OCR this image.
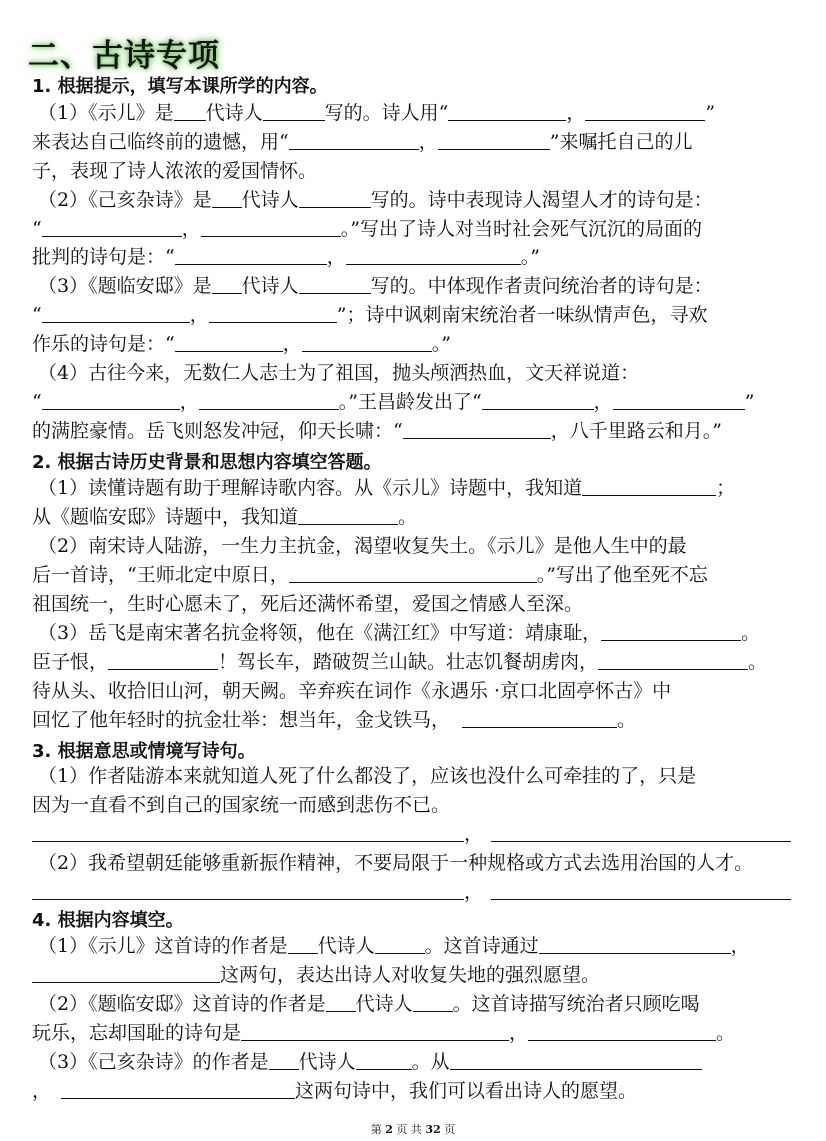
二、古诗专项
1. 根据提示，填写本课所学的内容。
（1）《示儿》是 代诗人	写的。诗人用“	，	”
来表达自己临终前的遗憾，用“	，	”来嘱托自己的儿
子，表现了诗人浓浓的爱国情怀。
（2）《己亥杂诗》是 代诗人	写的。诗中表现诗人渴望人才的诗句是：
“	，	。”写出了诗人对当时社会死气沉沉的局面的
批判的诗句是：“	，	。”
（3）《题临安邸》是 代诗人	写的。中体现作者责问统治者的诗句是：
“	，	”；诗中讽刺南宋统治者一味纵情声色，寻欢
作乐的诗句是：“	，	。”
（4）古往今来，无数仁人志士为了祖国，抛头颅洒热血，文天祥说道：
“	，	。”王昌龄发出了“	，	”
的满腔豪情。岳飞则怒发冲冠，仰天长啸：“	，八千里路云和月。”
2. 根据古诗历史背景和思想内容填空答题。
（1）读懂诗题有助于理解诗歌内容。从《示儿》诗题中，我知道	；
从《题临安邸》诗题中，我知道	。
（2）南宋诗人陆游，一生力主抗金，渴望收复失土。《示儿》是他人生中的最
后一首诗，“王师北定中原日，	。”写出了他至死不忘
祖国统一，生时心愿未了，死后还满怀希望，爱国之情感人至深。
（3）岳飞是南宋著名抗金将领，他在《满江红》中写道：靖康耻，	。
臣子恨，	！驾长车，踏破贺兰山缺。壮志饥餐胡虏肉，	。
待从头、收拾旧山河，朝天阙。辛弃疾在词作《永遇乐 ·京口北固亭怀古》中
回忆了他年轻时的抗金壮举：想当年，金戈铁马，	。
3. 根据意思或情境写诗句。
（1）作者陆游本来就知道人死了什么都没了，应该也没什么可牵挂的了，只是
因为一直看不到自己的国家统一而感到悲伤不已。
，
（2）我希望朝廷能够重新振作精神，不要局限于一种规格或方式去选用治国的人才。
，
4. 根据内容填空。
（1）《示儿》这首诗的作者是 代诗人	。这首诗通过	，
这两句，表达出诗人对收复失地的强烈愿望。
（2）《题临安邸》这首诗的作者是 代诗人 。这首诗描写统治者只顾吃喝
玩乐，忘却国耻的诗句是	，	。
（3）《己亥杂诗》的作者是 代诗人	。从
，	这两句诗中，我们可以看出诗人的愿望。
第 2 页 共 32 页
